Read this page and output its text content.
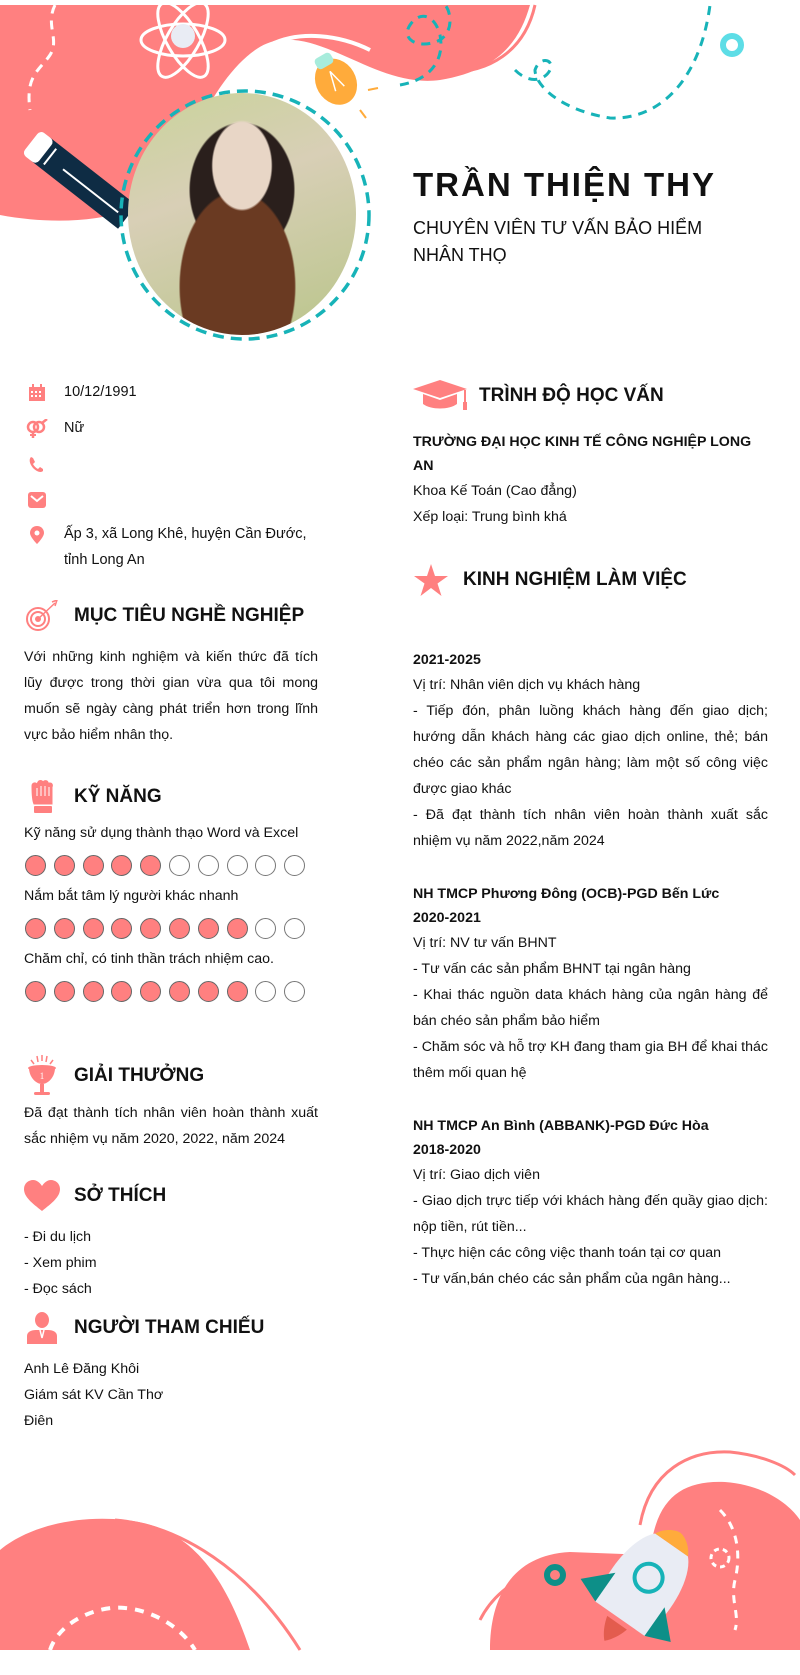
TRẦN THIỆN THY
CHUYÊN VIÊN TƯ VẤN BẢO HIỂM NHÂN THỌ
10/12/1991
Nữ
Ấp 3, xã Long Khê, huyện Cần Đước, tỉnh Long An
MỤC TIÊU NGHỀ NGHIỆP

Với những kinh nghiệm và kiến thức đã tích lũy được trong thời gian vừa qua tôi mong muốn sẽ ngày càng phát triển hơn trong lĩnh vực bảo hiểm nhân thọ.

KỸ NĂNG
Kỹ năng sử dụng thành thạo Word và Excel
Nắm bắt tâm lý người khác nhanh
Chăm chỉ, có tinh thần trách nhiệm cao.
1 GIẢI THƯỞNG

Đã đạt thành tích nhân viên hoàn thành xuất sắc nhiệm vụ năm 2020, 2022, năm 2024

SỞ THÍCH
- Đi du lịch
- Xem phim
- Đọc sách
NGƯỜI THAM CHIẾU
Anh Lê Đăng Khôi
Giám sát KV Cần Thơ
Điên
TRÌNH ĐỘ HỌC VẤN
TRƯỜNG ĐẠI HỌC KINH TẾ CÔNG NGHIỆP LONG AN
Khoa Kế Toán (Cao đẳng)
Xếp loại: Trung bình khá
KINH NGHIỆM LÀM VIỆC
2021-2025
Vị trí: Nhân viên dịch vụ khách hàng
- Tiếp đón, phân luồng khách hàng đến giao dịch; hướng dẫn khách hàng các giao dịch online, thẻ; bán chéo các sản phẩm ngân hàng; làm một số công việc được giao khác
- Đã đạt thành tích nhân viên hoàn thành xuất sắc nhiệm vụ năm 2022,năm 2024
NH TMCP Phương Đông (OCB)-PGD Bến Lức
2020-2021
Vị trí: NV tư vấn BHNT
- Tư vấn các sản phẩm BHNT tại ngân hàng
- Khai thác nguồn data khách hàng của ngân hàng để bán chéo sản phẩm bảo hiểm
- Chăm sóc và hỗ trợ KH đang tham gia BH để khai thác thêm mối quan hệ
NH TMCP An Bình (ABBANK)-PGD Đức Hòa
2018-2020
Vị trí: Giao dịch viên
- Giao dịch trực tiếp với khách hàng đến quầy giao dịch: nộp tiền, rút tiền...
- Thực hiện các công việc thanh toán tại cơ quan
- Tư vấn,bán chéo các sản phẩm của ngân hàng...
